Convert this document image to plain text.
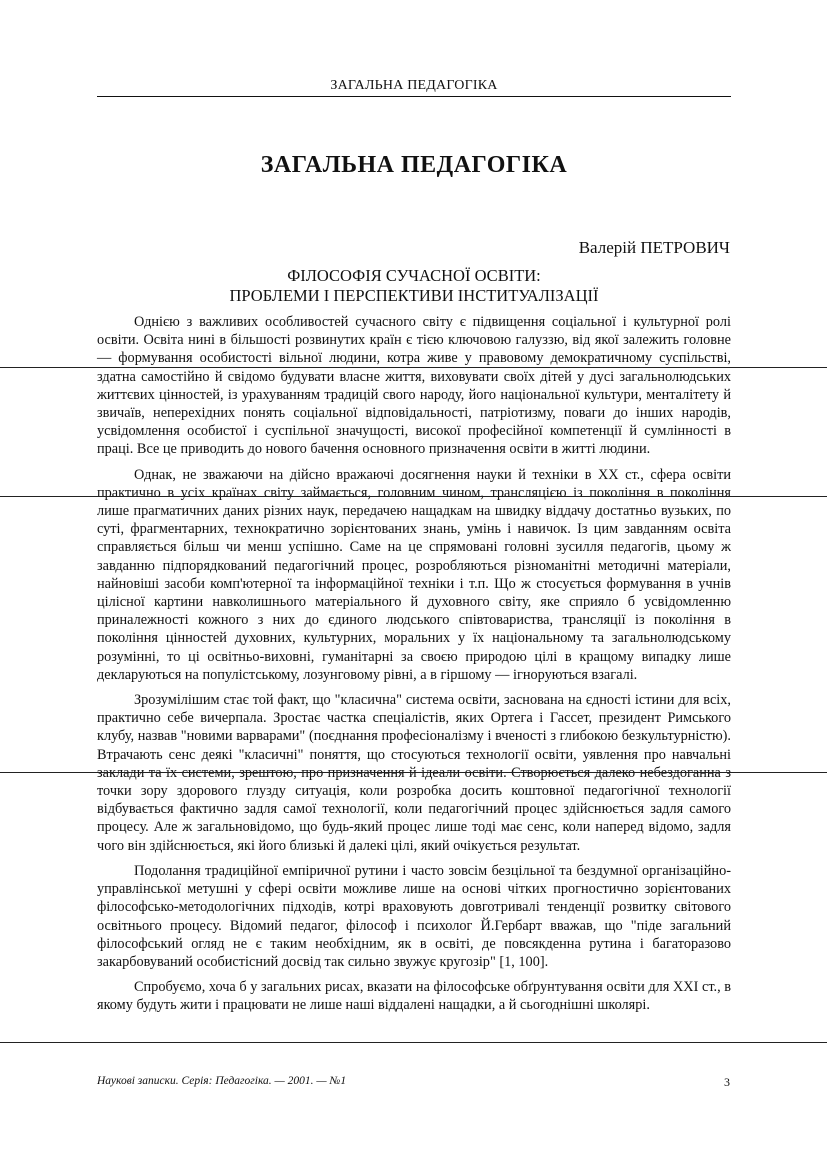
ЗАГАЛЬНА ПЕДАГОГІКА
ЗАГАЛЬНА ПЕДАГОГІКА
Валерій ПЕТРОВИЧ
ФІЛОСОФІЯ СУЧАСНОЇ ОСВІТИ:
ПРОБЛЕМИ І ПЕРСПЕКТИВИ ІНСТИТУАЛІЗАЦІЇ

Однією з важливих особливостей сучасного світу є підвищення соціальної і культурної ролі освіти. Освіта нині в більшості розвинутих країн є тією ключовою галуззю, від якої залежить головне — формування особистості вільної людини, котра живе у правовому демократичному суспільстві, здатна самостійно й свідомо будувати власне життя, виховувати своїх дітей у дусі загальнолюдських життєвих цінностей, із урахуванням традицій свого народу, його національної культури, менталітету й звичаїв, неперехідних понять соціальної відповідальності, патріотизму, поваги до інших народів, усвідомлення особистої і суспільної значущості, високої професійної компетенції й сумлінності в праці. Все це приводить до нового бачення основного призначення освіти в житті людини.

Однак, не зважаючи на дійсно вражаючі досягнення науки й техніки в ХХ ст., сфера освіти практично в усіх країнах світу займається, головним чином, трансляцією із покоління в покоління лише прагматичних даних різних наук, передачею нащадкам на швидку віддачу достатньо вузьких, по суті, фрагментарних, технократично зорієнтованих знань, умінь і навичок. Із цим завданням освіта справляється більш чи менш успішно. Саме на це спрямовані головні зусилля педагогів, цьому ж завданню підпорядкований педагогічний процес, розробляються різноманітні методичні матеріали, найновіші засоби комп'ютерної та інформаційної техніки і т.п. Що ж стосується формування в учнів цілісної картини навколишнього матеріального й духовного світу, яке сприяло б усвідомленню приналежності кожного з них до єдиного людського співтовариства, трансляції із покоління в покоління цінностей духовних, культурних, моральних у їх національному та загальнолюдському розумінні, то ці освітньо-виховні, гуманітарні за своєю природою цілі в кращому випадку лише декларуються на популістському, лозунговому рівні, а в гіршому — ігноруються взагалі.

Зрозумілішим стає той факт, що "класична" система освіти, заснована на єдності істини для всіх, практично себе вичерпала. Зростає частка спеціалістів, яких Ортега і Гассет, президент Римського клубу, назвав "новими варварами" (поєднання професіоналізму і вченості з глибокою безкультурністю). Втрачають сенс деякі "класичні" поняття, що стосуються технології освіти, уявлення про навчальні заклади та їх системи, зрештою, про призначення й ідеали освіти. Створюється далеко небездоганна з точки зору здорового глузду ситуація, коли розробка досить коштовної педагогічної технології відбувається фактично задля самої технології, коли педагогічний процес здійснюється задля самого процесу. Але ж загальновідомо, що будь-який процес лише тоді має сенс, коли наперед відомо, задля чого він здійснюється, які його близькі й далекі цілі, який очікується результат.

Подолання традиційної емпіричної рутини і часто зовсім безцільної та бездумної організаційно-управлінської метушні у сфері освіти можливе лише на основі чітких прогностично зорієнтованих філософсько-методологічних підходів, котрі враховують довготривалі тенденції розвитку світового освітнього процесу. Відомий педагог, філософ і психолог Й.Гербарт вважав, що "піде загальний філософський огляд не є таким необхідним, як в освіті, де повсякденна рутина і багаторазово закарбовуваний особистісний досвід так сильно звужує кругозір" [1, 100].

Спробуємо, хоча б у загальних рисах, вказати на філософське обґрунтування освіти для ХХІ ст., в якому будуть жити і працювати не лише наші віддалені нащадки, а й сьогоднішні школярі.

Наукові записки. Серія: Педагогіка. — 2001. — №1	3
